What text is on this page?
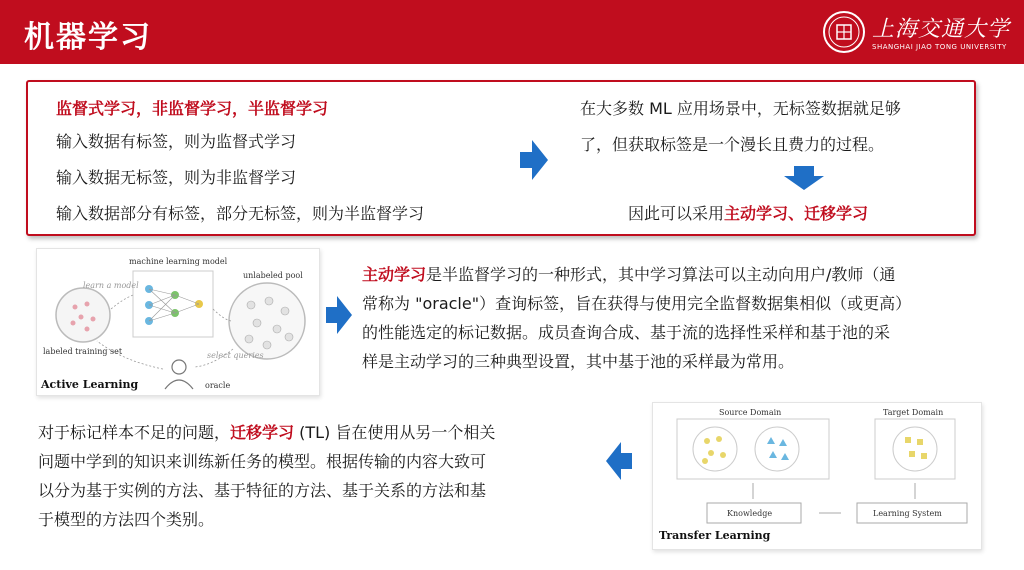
机器学习	上海交通大学
SHANGHAI JIAO TONG UNIVERSITY
监督式学习，非监督学习，半监督学习
输入数据有标签，则为监督式学习
输入数据无标签，则为非监督学习
输入数据部分有标签，部分无标签，则为半监督学习
在大多数 ML 应用场景中，无标签数据就足够
了，但获取标签是一个漫长且费力的过程。
因此可以采用主动学习、迁移学习
machine learning model
learn a model
unlabeled pool
labeled training set	select queries
oracle
Active Learning
主动学习是半监督学习的一种形式，其中学习算法可以主动向用户/教师（通
常称为 "oracle"）查询标签，旨在获得与使用完全监督数据集相似（或更高）
的性能选定的标记数据。成员查询合成、基于流的选择性采样和基于池的采
样是主动学习的三种典型设置，其中基于池的采样最为常用。
对于标记样本不足的问题，迁移学习 (TL) 旨在使用从另一个相关
问题中学到的知识来训练新任务的模型。根据传输的内容大致可
以分为基于实例的方法、基于特征的方法、基于关系的方法和基
于模型的方法四个类别。
Source Domain	Target Domain
Knowledge	Learning System
Transfer Learning
